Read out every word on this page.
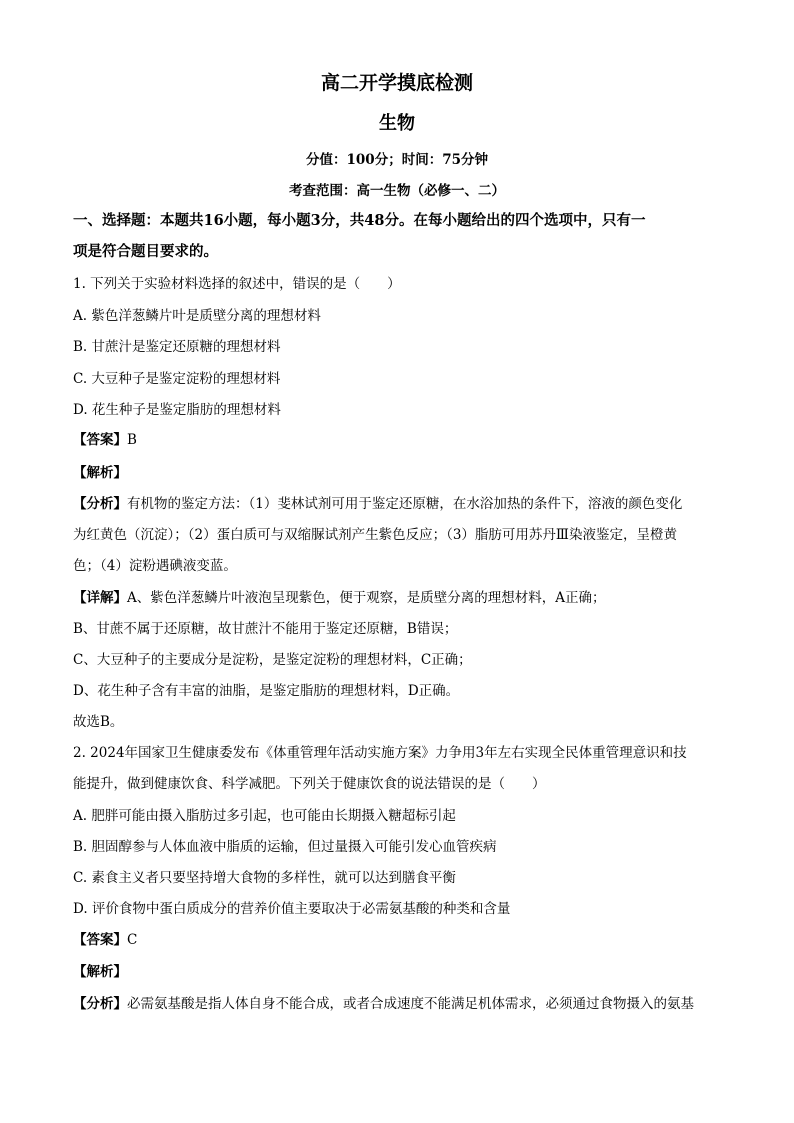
高二开学摸底检测
生物
分值：100分；时间：75分钟
考查范围：高一生物（必修一、二）
一、选择题：本题共16小题，每小题3分，共48分。在每小题给出的四个选项中，只有一
项是符合题目要求的。
1. 下列关于实验材料选择的叙述中，错误的是（　　）
A. 紫色洋葱鳞片叶是质壁分离的理想材料
B. 甘蔗汁是鉴定还原糖的理想材料
C. 大豆种子是鉴定淀粉的理想材料
D. 花生种子是鉴定脂肪的理想材料
【答案】B
【解析】
【分析】有机物的鉴定方法：（1）斐林试剂可用于鉴定还原糖，在水浴加热的条件下，溶液的颜色变化
为红黄色（沉淀）；（2）蛋白质可与双缩脲试剂产生紫色反应；（3）脂肪可用苏丹Ⅲ染液鉴定，呈橙黄
色；（4）淀粉遇碘液变蓝。
【详解】A、紫色洋葱鳞片叶液泡呈现紫色，便于观察，是质壁分离的理想材料，A正确；
B、甘蔗不属于还原糖，故甘蔗汁不能用于鉴定还原糖，B错误；
C、大豆种子的主要成分是淀粉，是鉴定淀粉的理想材料，C正确；
D、花生种子含有丰富的油脂，是鉴定脂肪的理想材料，D正确。
故选B。
2. 2024年国家卫生健康委发布《体重管理年活动实施方案》力争用3年左右实现全民体重管理意识和技
能提升，做到健康饮食、科学减肥。下列关于健康饮食的说法错误的是（　　）
A. 肥胖可能由摄入脂肪过多引起，也可能由长期摄入糖超标引起
B. 胆固醇参与人体血液中脂质的运输，但过量摄入可能引发心血管疾病
C. 素食主义者只要坚持增大食物的多样性，就可以达到膳食平衡
D. 评价食物中蛋白质成分的营养价值主要取决于必需氨基酸的种类和含量
【答案】C
【解析】
【分析】必需氨基酸是指人体自身不能合成，或者合成速度不能满足机体需求，必须通过食物摄入的氨基
